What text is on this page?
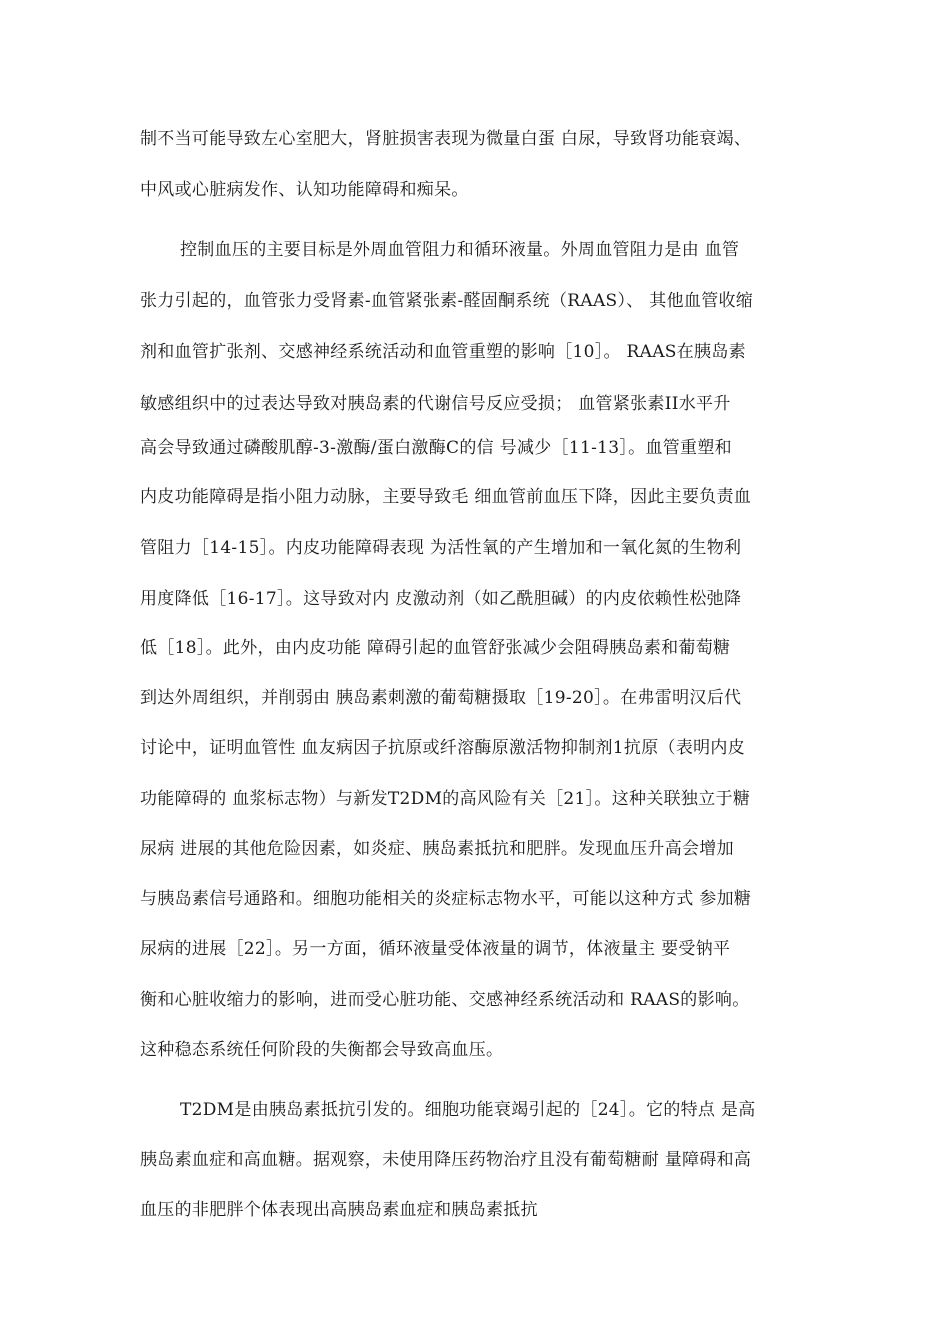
制不当可能导致左心室肥大，肾脏损害表现为微量白蛋 白尿，导致肾功能衰竭、
中风或心脏病发作、认知功能障碍和痴呆。
控制血压的主要目标是外周血管阻力和循环液量。外周血管阻力是由 血管
张力引起的，血管张力受肾素-血管紧张素-醛固酮系统（RAAS）、 其他血管收缩
剂和血管扩张剂、交感神经系统活动和血管重塑的影响［10］。 RAAS在胰岛素
敏感组织中的过表达导致对胰岛素的代谢信号反应受损； 血管紧张素II水平升
高会导致通过磷酸肌醇-3-激酶/蛋白激酶C的信 号减少［11-13］。血管重塑和
内皮功能障碍是指小阻力动脉，主要导致毛 细血管前血压下降，因此主要负责血
管阻力［14-15］。内皮功能障碍表现 为活性氧的产生增加和一氧化氮的生物利
用度降低［16-17］。这导致对内 皮激动剂（如乙酰胆碱）的内皮依赖性松弛降
低［18］。此外，由内皮功能 障碍引起的血管舒张减少会阻碍胰岛素和葡萄糖
到达外周组织，并削弱由 胰岛素刺激的葡萄糖摄取［19-20］。在弗雷明汉后代
讨论中，证明血管性 血友病因子抗原或纤溶酶原激活物抑制剂1抗原（表明内皮
功能障碍的 血浆标志物）与新发T2DM的高风险有关［21］。这种关联独立于糖
尿病 进展的其他危险因素，如炎症、胰岛素抵抗和肥胖。发现血压升高会增加
与胰岛素信号通路和。细胞功能相关的炎症标志物水平，可能以这种方式 参加糖
尿病的进展［22］。另一方面，循环液量受体液量的调节，体液量主 要受钠平
衡和心脏收缩力的影响，进而受心脏功能、交感神经系统活动和 RAAS的影响。
这种稳态系统任何阶段的失衡都会导致高血压。
T2DM是由胰岛素抵抗引发的。细胞功能衰竭引起的［24］。它的特点 是高
胰岛素血症和高血糖。据观察，未使用降压药物治疗且没有葡萄糖耐 量障碍和高
血压的非肥胖个体表现出高胰岛素血症和胰岛素抵抗
